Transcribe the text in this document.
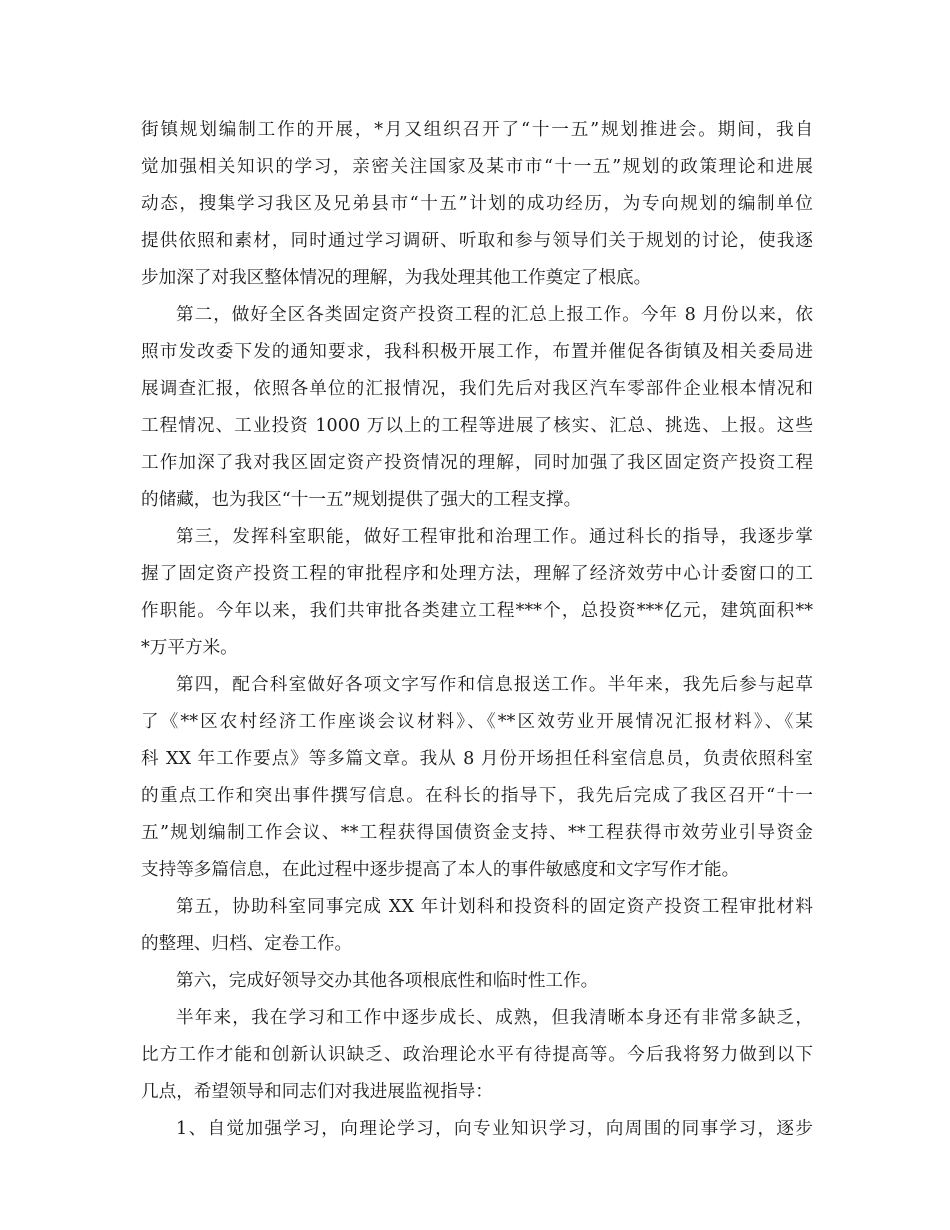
街镇规划编制工作的开展，*月又组织召开了“十一五”规划推进会。期间，我自
觉加强相关知识的学习，亲密关注国家及某市市“十一五”规划的政策理论和进展
动态，搜集学习我区及兄弟县市“十五”计划的成功经历，为专向规划的编制单位
提供依照和素材，同时通过学习调研、听取和参与领导们关于规划的讨论，使我逐
步加深了对我区整体情况的理解，为我处理其他工作奠定了根底。
第二，做好全区各类固定资产投资工程的汇总上报工作。今年 8 月份以来，依
照市发改委下发的通知要求，我科积极开展工作，布置并催促各街镇及相关委局进
展调查汇报，依照各单位的汇报情况，我们先后对我区汽车零部件企业根本情况和
工程情况、工业投资 1000 万以上的工程等进展了核实、汇总、挑选、上报。这些
工作加深了我对我区固定资产投资情况的理解，同时加强了我区固定资产投资工程
的储藏，也为我区“十一五”规划提供了强大的工程支撑。
第三，发挥科室职能，做好工程审批和治理工作。通过科长的指导，我逐步掌
握了固定资产投资工程的审批程序和处理方法，理解了经济效劳中心计委窗口的工
作职能。今年以来，我们共审批各类建立工程***个，总投资***亿元，建筑面积**
*万平方米。
第四，配合科室做好各项文字写作和信息报送工作。半年来，我先后参与起草
了《**区农村经济工作座谈会议材料》、《**区效劳业开展情况汇报材料》、《某
科 XX 年工作要点》等多篇文章。我从 8 月份开场担任科室信息员，负责依照科室
的重点工作和突出事件撰写信息。在科长的指导下，我先后完成了我区召开“十一
五”规划编制工作会议、**工程获得国债资金支持、**工程获得市效劳业引导资金
支持等多篇信息，在此过程中逐步提高了本人的事件敏感度和文字写作才能。
第五，协助科室同事完成 XX 年计划科和投资科的固定资产投资工程审批材料
的整理、归档、定卷工作。
第六，完成好领导交办其他各项根底性和临时性工作。
半年来，我在学习和工作中逐步成长、成熟，但我清晰本身还有非常多缺乏，
比方工作才能和创新认识缺乏、政治理论水平有待提高等。今后我将努力做到以下
几点，希望领导和同志们对我进展监视指导：
1、自觉加强学习，向理论学习，向专业知识学习，向周围的同事学习，逐步
